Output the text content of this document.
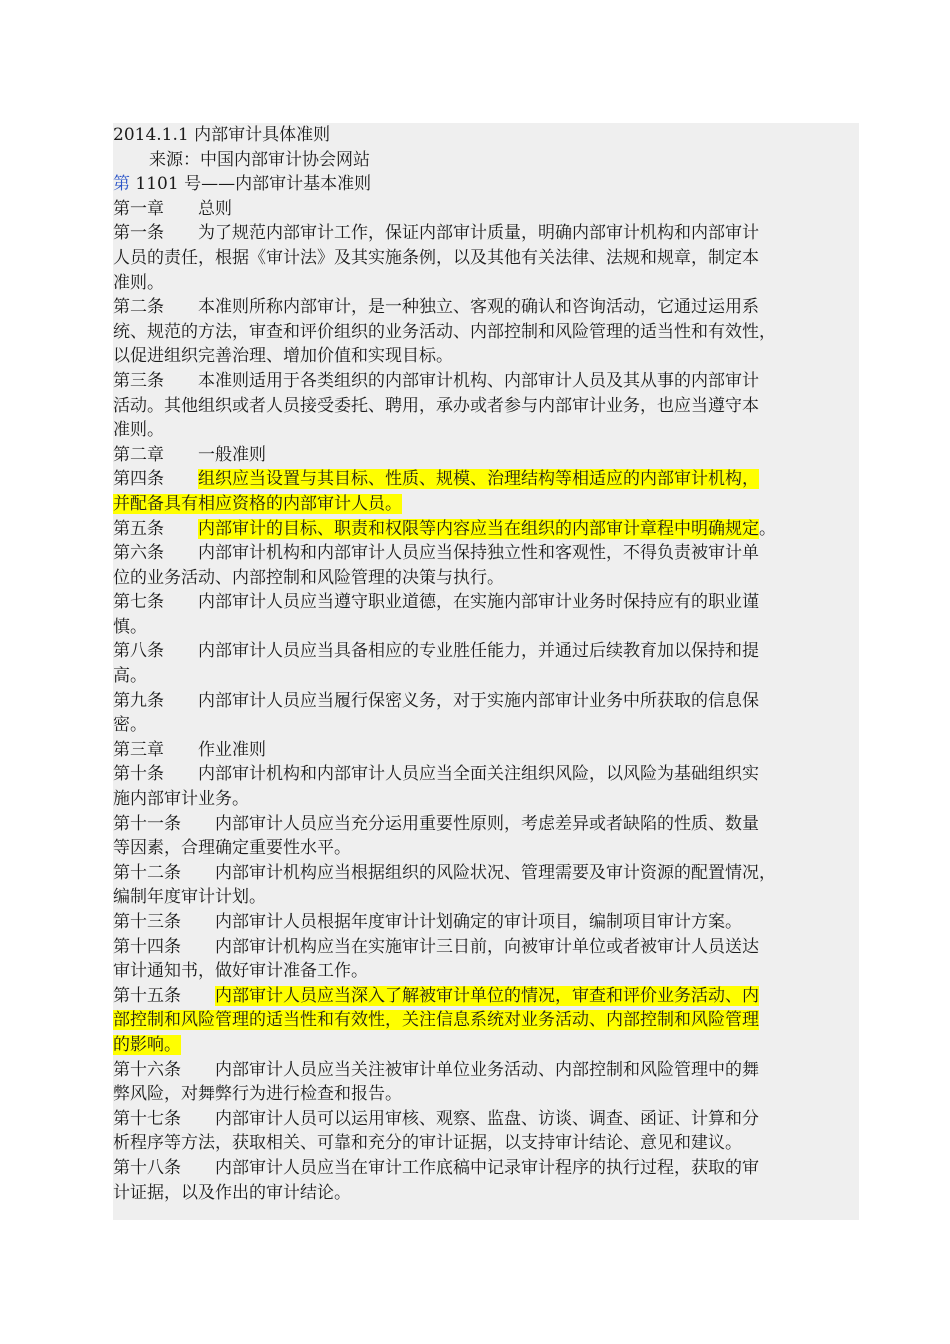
2014.1.1 内部审计具体准则
来源：中国内部审计协会网站
第 1101 号——内部审计基本准则
第一章　　总则
第一条　　为了规范内部审计工作，保证内部审计质量，明确内部审计机构和内部审计
人员的责任，根据《审计法》及其实施条例，以及其他有关法律、法规和规章，制定本
准则。
第二条　　本准则所称内部审计，是一种独立、客观的确认和咨询活动，它通过运用系
统、规范的方法，审查和评价组织的业务活动、内部控制和风险管理的适当性和有效性，
以促进组织完善治理、增加价值和实现目标。
第三条　　本准则适用于各类组织的内部审计机构、内部审计人员及其从事的内部审计
活动。其他组织或者人员接受委托、聘用，承办或者参与内部审计业务，也应当遵守本
准则。
第二章　　一般准则
第四条　　组织应当设置与其目标、性质、规模、治理结构等相适应的内部审计机构，
并配备具有相应资格的内部审计人员。
第五条　　内部审计的目标、职责和权限等内容应当在组织的内部审计章程中明确规定。
第六条　　内部审计机构和内部审计人员应当保持独立性和客观性，不得负责被审计单
位的业务活动、内部控制和风险管理的决策与执行。
第七条　　内部审计人员应当遵守职业道德，在实施内部审计业务时保持应有的职业谨
慎。
第八条　　内部审计人员应当具备相应的专业胜任能力，并通过后续教育加以保持和提
高。
第九条　　内部审计人员应当履行保密义务，对于实施内部审计业务中所获取的信息保
密。
第三章　　作业准则
第十条　　内部审计机构和内部审计人员应当全面关注组织风险，以风险为基础组织实
施内部审计业务。
第十一条　　内部审计人员应当充分运用重要性原则，考虑差异或者缺陷的性质、数量
等因素，合理确定重要性水平。
第十二条　　内部审计机构应当根据组织的风险状况、管理需要及审计资源的配置情况，
编制年度审计计划。
第十三条　　内部审计人员根据年度审计计划确定的审计项目，编制项目审计方案。
第十四条　　内部审计机构应当在实施审计三日前，向被审计单位或者被审计人员送达
审计通知书，做好审计准备工作。
第十五条　　内部审计人员应当深入了解被审计单位的情况，审查和评价业务活动、内
部控制和风险管理的适当性和有效性，关注信息系统对业务活动、内部控制和风险管理
的影响。
第十六条　　内部审计人员应当关注被审计单位业务活动、内部控制和风险管理中的舞
弊风险，对舞弊行为进行检查和报告。
第十七条　　内部审计人员可以运用审核、观察、监盘、访谈、调查、函证、计算和分
析程序等方法，获取相关、可靠和充分的审计证据，以支持审计结论、意见和建议。
第十八条　　内部审计人员应当在审计工作底稿中记录审计程序的执行过程，获取的审
计证据，以及作出的审计结论。
